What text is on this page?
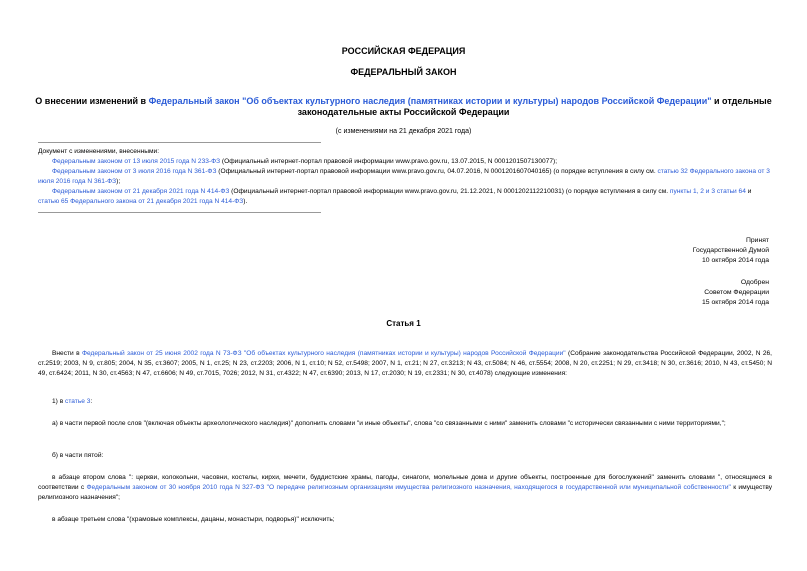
РОССИЙСКАЯ ФЕДЕРАЦИЯ
ФЕДЕРАЛЬНЫЙ ЗАКОН
О внесении изменений в Федеральный закон "Об объектах культурного наследия (памятниках истории и культуры) народов Российской Федерации" и отдельные законодательные акты Российской Федерации
(с изменениями на 21 декабря 2021 года)

Документ с изменениями, внесенными:

Федеральным законом от 13 июля 2015 года N 233-ФЗ (Официальный интернет-портал правовой информации www.pravo.gov.ru, 13.07.2015, N 0001201507130077);

Федеральным законом от 3 июля 2016 года N 361-ФЗ (Официальный интернет-портал правовой информации www.pravo.gov.ru, 04.07.2016, N 0001201607040165) (о порядке вступления в силу см. статью 32 Федерального закона от 3 июля 2016 года N 361-ФЗ);

Федеральным законом от 21 декабря 2021 года N 414-ФЗ (Официальный интернет-портал правовой информации www.pravo.gov.ru, 21.12.2021, N 0001202112210031) (о порядке вступления в силу см. пункты 1, 2 и 3 статьи 64 и статью 65 Федерального закона от 21 декабря 2021 года N 414-ФЗ).

Принят
Государственной Думой
10 октября 2014 года
Одобрен
Советом Федерации
15 октября 2014 года
Статья 1

Внести в Федеральный закон от 25 июня 2002 года N 73-ФЗ "Об объектах культурного наследия (памятниках истории и культуры) народов Российской Федерации" (Собрание законодательства Российской Федерации, 2002, N 26, ст.2519; 2003, N 9, ст.805; 2004, N 35, ст.3607; 2005, N 1, ст.25; N 23, ст.2203; 2006, N 1, ст.10; N 52, ст.5498; 2007, N 1, ст.21; N 27, ст.3213; N 43, ст.5084; N 46, ст.5554; 2008, N 20, ст.2251; N 29, ст.3418; N 30, ст.3616; 2010, N 43, ст.5450; N 49, ст.6424; 2011, N 30, ст.4563; N 47, ст.6606; N 49, ст.7015, 7026; 2012, N 31, ст.4322; N 47, ст.6390; 2013, N 17, ст.2030; N 19, ст.2331; N 30, ст.4078) следующие изменения:

1) в статье 3:

а) в части первой после слов "(включая объекты археологического наследия)" дополнить словами "и иные объекты", слова "со связанными с ними" заменить словами "с исторически связанными с ними территориями,";

б) в части пятой:

в абзаце втором слова ": церкви, колокольни, часовни, костелы, кирхи, мечети, буддистские храмы, пагоды, синагоги, молельные дома и другие объекты, построенные для богослужений" заменить словами ", относящиеся в соответствии с Федеральным законом от 30 ноября 2010 года N 327-ФЗ "О передаче религиозным организациям имущества религиозного назначения, находящегося в государственной или муниципальной собственности" к имуществу религиозного назначения";

в абзаце третьем слова "(храмовые комплексы, дацаны, монастыри, подворья)" исключить;
